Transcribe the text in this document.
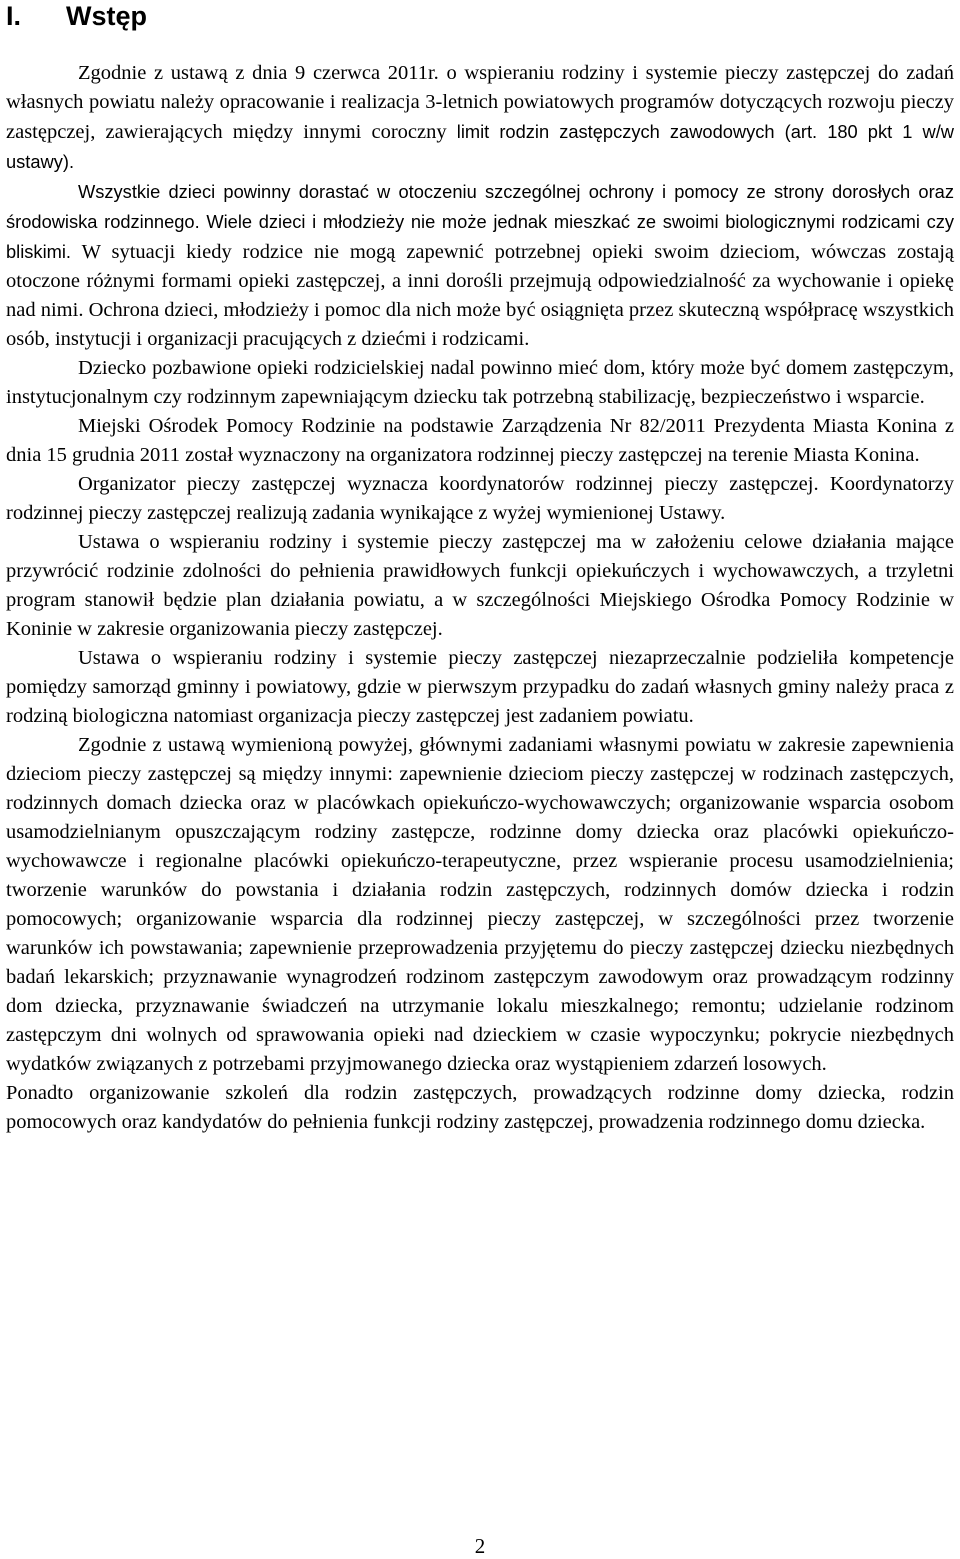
I. Wstęp

Zgodnie z ustawą z dnia 9 czerwca 2011r. o wspieraniu rodziny i systemie pieczy zastępczej do zadań własnych powiatu należy opracowanie i realizacja 3-letnich powiatowych programów dotyczących rozwoju pieczy zastępczej, zawierających między innymi coroczny limit rodzin zastępczych zawodowych (art. 180 pkt 1 w/w ustawy).

Wszystkie dzieci powinny dorastać w otoczeniu szczególnej ochrony i pomocy ze strony dorosłych oraz środowiska rodzinnego. Wiele dzieci i młodzieży nie może jednak mieszkać ze swoimi biologicznymi rodzicami czy bliskimi. W sytuacji kiedy rodzice nie mogą zapewnić potrzebnej opieki swoim dzieciom, wówczas zostają otoczone różnymi formami opieki zastępczej, a inni dorośli przejmują odpowiedzialność za wychowanie i opiekę nad nimi. Ochrona dzieci, młodzieży i pomoc dla nich może być osiągnięta przez skuteczną współpracę wszystkich osób, instytucji i organizacji pracujących z dziećmi i rodzicami.

Dziecko pozbawione opieki rodzicielskiej nadal powinno mieć dom, który może być domem zastępczym, instytucjonalnym czy rodzinnym zapewniającym dziecku tak potrzebną stabilizację, bezpieczeństwo i wsparcie.

Miejski Ośrodek Pomocy Rodzinie na podstawie Zarządzenia Nr 82/2011 Prezydenta Miasta Konina z dnia 15 grudnia 2011 został wyznaczony na organizatora rodzinnej pieczy zastępczej na terenie Miasta Konina.

Organizator pieczy zastępczej wyznacza koordynatorów rodzinnej pieczy zastępczej. Koordynatorzy rodzinnej pieczy zastępczej realizują zadania wynikające z wyżej wymienionej Ustawy.

Ustawa o wspieraniu rodziny i systemie pieczy zastępczej ma w założeniu celowe działania mające przywrócić rodzinie zdolności do pełnienia prawidłowych funkcji opiekuńczych i wychowawczych, a trzyletni program stanowił będzie plan działania powiatu, a w szczególności Miejskiego Ośrodka Pomocy Rodzinie w Koninie w zakresie organizowania pieczy zastępczej.

Ustawa o wspieraniu rodziny i systemie pieczy zastępczej niezaprzeczalnie podzieliła kompetencje pomiędzy samorząd gminny i powiatowy, gdzie w pierwszym przypadku do zadań własnych gminy należy praca z rodziną biologiczna natomiast organizacja pieczy zastępczej jest zadaniem powiatu.

Zgodnie z ustawą wymienioną powyżej, głównymi zadaniami własnymi powiatu w zakresie zapewnienia dzieciom pieczy zastępczej są między innymi: zapewnienie dzieciom pieczy zastępczej w rodzinach zastępczych, rodzinnych domach dziecka oraz w placówkach opiekuńczo-wychowawczych; organizowanie wsparcia osobom usamodzielnianym opuszczającym rodziny zastępcze, rodzinne domy dziecka oraz placówki opiekuńczo-wychowawcze i regionalne placówki opiekuńczo-terapeutyczne, przez wspieranie procesu usamodzielnienia; tworzenie warunków do powstania i działania rodzin zastępczych, rodzinnych domów dziecka i rodzin pomocowych; organizowanie wsparcia dla rodzinnej pieczy zastępczej, w szczególności przez tworzenie warunków ich powstawania; zapewnienie przeprowadzenia przyjętemu do pieczy zastępczej dziecku niezbędnych badań lekarskich; przyznawanie wynagrodzeń rodzinom zastępczym zawodowym oraz prowadzącym rodzinny dom dziecka, przyznawanie świadczeń na utrzymanie lokalu mieszkalnego; remontu; udzielanie rodzinom zastępczym dni wolnych od sprawowania opieki nad dzieckiem w czasie wypoczynku; pokrycie niezbędnych wydatków związanych z potrzebami przyjmowanego dziecka oraz wystąpieniem zdarzeń losowych.

Ponadto organizowanie szkoleń dla rodzin zastępczych, prowadzących rodzinne domy dziecka, rodzin pomocowych oraz kandydatów do pełnienia funkcji rodziny zastępczej, prowadzenia rodzinnego domu dziecka.

2
